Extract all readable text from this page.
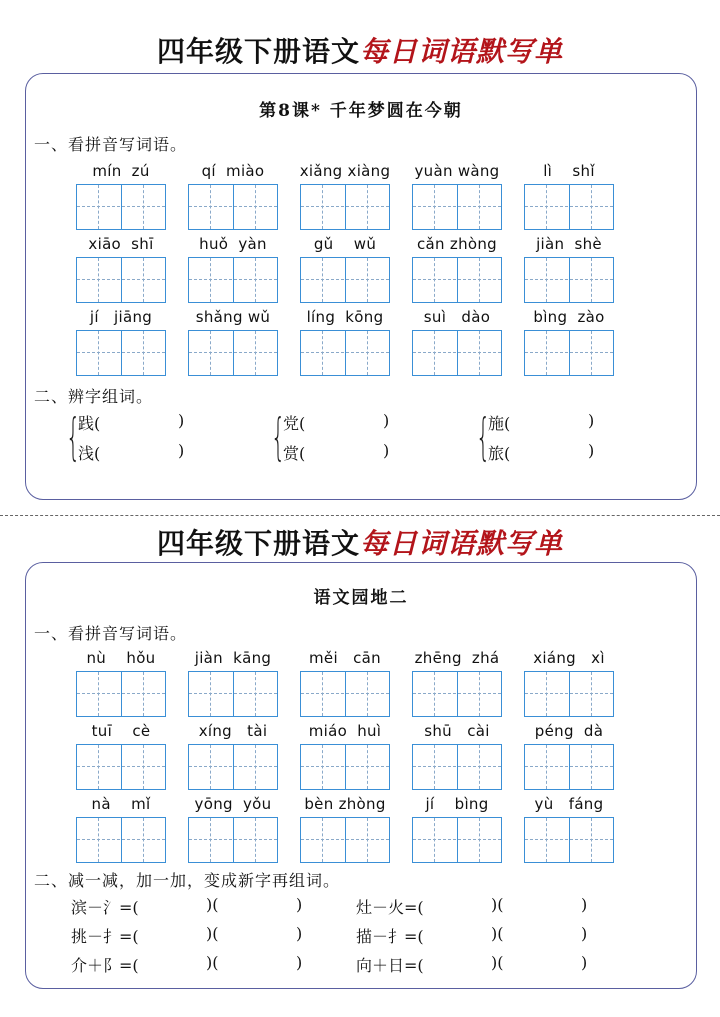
四年级下册语文每日词语默写单
第8课* 千年梦圆在今朝
一、看拼音写词语。
mín  zú	qí  miào	xiǎng xiàng	yuàn wàng	lì    shǐ
xiāo  shī	huǒ  yàn	gǔ    wǔ	cǎn zhòng	jiàn  shè
jí   jiāng	shǎng wǔ	líng  kōng	suì   dào	bìng  zào
二、辨字组词。
{
践(	)
浅(	) {
党(	)
赏(	) {
施(	)
旅(	)
四年级下册语文每日词语默写单
语文园地二
一、看拼音写词语。
nù    hǒu	jiàn  kāng	měi   cān	zhēng  zhá	xiáng   xì
tuī    cè	xíng   tài	miáo  huì	shū   cài	péng  dà
nà    mǐ	yōng  yǒu	bèn zhòng	jí    bìng	yù   fáng
二、减一减，加一加，变成新字再组词。
滨－氵=(	)(	)	灶－火=(	)(	)
挑－扌=(	)(	)	描－扌=(	)(	)
介＋阝=(	)(	)	向＋日=(	)(	)
